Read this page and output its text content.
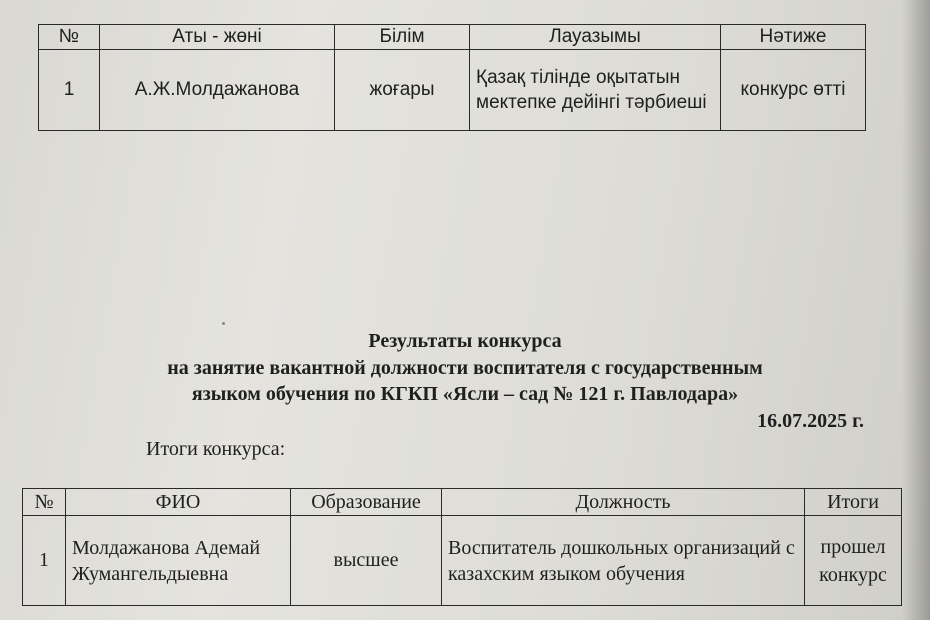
№	Аты - жөні	Білім	Лауазымы	Нәтиже
1	А.Ж.Молдажанова	жоғары	Қазақ тілінде оқытатын мектепке дейінгі тәрбиеші	конкурс өтті
Результаты конкурса
на занятие вакантной должности воспитателя с государственным
языком обучения по КГКП «Ясли – сад № 121 г. Павлодара»
16.07.2025 г.
Итоги конкурса:
№	ФИО	Образование	Должность	Итоги
1	Молдажанова Адемай Жумангельдыевна	высшее	Воспитатель дошкольных организаций с казахским языком обучения	прошел конкурс
